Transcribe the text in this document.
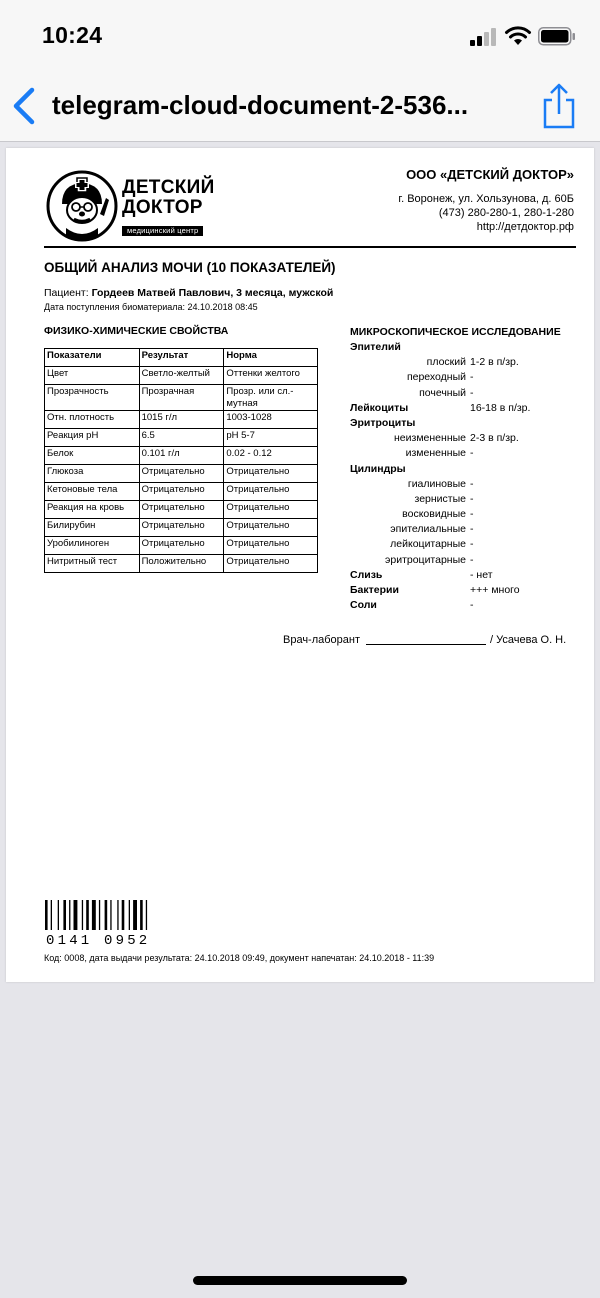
10:24
telegram-cloud-document-2-536...
ДЕТСКИЙ
ДОКТОР
медицинский центр
ООО «ДЕТСКИЙ ДОКТОР»
г. Воронеж, ул. Хользунова, д. 60Б
(473) 280-280-1, 280-1-280
http://детдоктор.рф
ОБЩИЙ АНАЛИЗ МОЧИ (10 ПОКАЗАТЕЛЕЙ)
Пациент: Гордеев Матвей Павлович, 3 месяца, мужской
Дата поступления биоматериала: 24.10.2018 08:45
ФИЗИКО-ХИМИЧЕСКИЕ СВОЙСТВА
Показатели	Результат	Норма
Цвет	Светло-желтый	Оттенки желтого
Прозрачность	Прозрачная	Прозр. или сл.-мутная
Отн. плотность	1015 г/л	1003-1028
Реакция pH	6.5	pH 5-7
Белок	0.101 г/л	0.02 - 0.12
Глюкоза	Отрицательно	Отрицательно
Кетоновые тела	Отрицательно	Отрицательно
Реакция на кровь	Отрицательно	Отрицательно
Билирубин	Отрицательно	Отрицательно
Уробилиноген	Отрицательно	Отрицательно
Нитритный тест	Положительно	Отрицательно
МИКРОСКОПИЧЕСКОЕ ИССЛЕДОВАНИЕ
Эпителий
плоский 1-2 в п/зр.
переходный -
почечный -
Лейкоциты	16-18 в п/зр.
Эритроциты
неизмененные 2-3 в п/зр.
измененные -
Цилиндры
гиалиновые -
зернистые -
восковидные -
эпителиальные -
лейкоцитарные -
эритроцитарные -
Слизь	- нет
Бактерии	+++ много
Соли	-
Врач-лаборант	/ Усачева О. Н.
0141 0952
Код: 0008, дата выдачи результата: 24.10.2018 09:49, документ напечатан: 24.10.2018 - 11:39
